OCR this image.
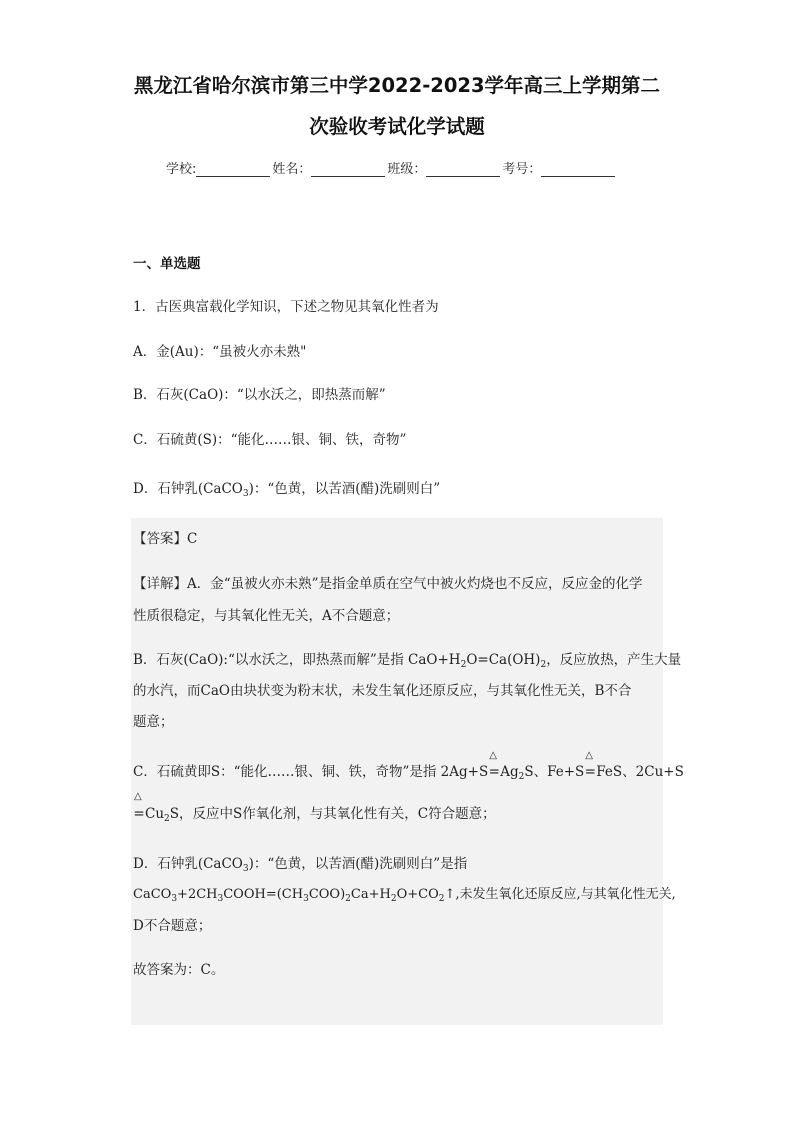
黑龙江省哈尔滨市第三中学2022-2023学年高三上学期第二
次验收考试化学试题
学校:	姓名：	班级：	考号：
一、单选题
1．古医典富载化学知识，下述之物见其氧化性者为
A．金(Au)：“虽被火亦未熟"
B．石灰(CaO)：“以水沃之，即热蒸而解”
C．石硫黄(S)：“能化……银、铜、铁，奇物”
D．石钟乳(CaCO$_3$)：“色黄，以苦酒(醋)洗刷则白”
【答案】C
【详解】A．金“虽被火亦未熟”是指金单质在空气中被火灼烧也不反应，反应金的化学
性质很稳定，与其氧化性无关，A不合题意；
B．石灰(CaO):“以水沃之，即热蒸而解”是指 $CaO+H_2O=Ca(OH)_2$，反应放热，产生大量
的水汽，而CaO由块状变为粉末状，未发生氧化还原反应，与其氧化性无关，B不合
题意；
C．石硫黄即S：“能化……银、铜、铁，奇物”是指 2Ag+S
△
$=Ag_2S$、Fe+S
△
=FeS、2Cu+S
△
$=Cu_2S$，反应中S作氧化剂，与其氧化性有关，C符合题意；
D．石钟乳(CaCO$_3$)：“色黄，以苦酒(醋)洗刷则白”是指
$CaCO_3+2CH_3COOH=(CH_3COO)_2Ca+H_2O+CO_2↑$,未发生氧化还原反应,与其氧化性无关,
D不合题意；
故答案为：C。
